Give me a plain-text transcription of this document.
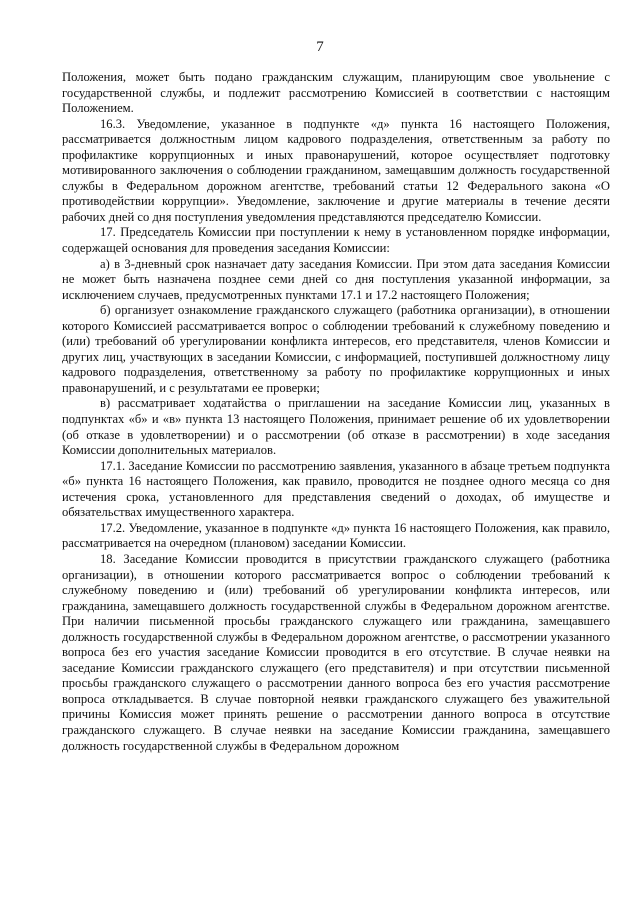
7

Положения, может быть подано гражданским служащим, планирующим свое увольнение с государственной службы, и подлежит рассмотрению Комиссией в соответствии с настоящим Положением.

16.3. Уведомление, указанное в подпункте «д» пункта 16 настоящего Положения, рассматривается должностным лицом кадрового подразделения, ответственным за работу по профилактике коррупционных и иных правонарушений, которое осуществляет подготовку мотивированного заключения о соблюдении гражданином, замещавшим должность государственной службы в Федеральном дорожном агентстве, требований статьи 12 Федерального закона «О противодействии коррупции». Уведомление, заключение и другие материалы в течение десяти рабочих дней со дня поступления уведомления представляются председателю Комиссии.

17. Председатель Комиссии при поступлении к нему в установленном порядке информации, содержащей основания для проведения заседания Комиссии:

а) в 3-дневный срок назначает дату заседания Комиссии. При этом дата заседания Комиссии не может быть назначена позднее семи дней со дня поступления указанной информации, за исключением случаев, предусмотренных пунктами 17.1 и 17.2 настоящего Положения;

б) организует ознакомление гражданского служащего (работника организации), в отношении которого Комиссией рассматривается вопрос о соблюдении требований к служебному поведению и (или) требований об урегулировании конфликта интересов, его представителя, членов Комиссии и других лиц, участвующих в заседании Комиссии, с информацией, поступившей должностному лицу кадрового подразделения, ответственному за работу по профилактике коррупционных и иных правонарушений, и с результатами ее проверки;

в) рассматривает ходатайства о приглашении на заседание Комиссии лиц, указанных в подпунктах «б» и «в» пункта 13 настоящего Положения, принимает решение об их удовлетворении (об отказе в удовлетворении) и о рассмотрении (об отказе в рассмотрении) в ходе заседания Комиссии дополнительных материалов.

17.1. Заседание Комиссии по рассмотрению заявления, указанного в абзаце третьем подпункта «б» пункта 16 настоящего Положения, как правило, проводится не позднее одного месяца со дня истечения срока, установленного для представления сведений о доходах, об имуществе и обязательствах имущественного характера.

17.2. Уведомление, указанное в подпункте «д» пункта 16 настоящего Положения, как правило, рассматривается на очередном (плановом) заседании Комиссии.

18. Заседание Комиссии проводится в присутствии гражданского служащего (работника организации), в отношении которого рассматривается вопрос о соблюдении требований к служебному поведению и (или) требований об урегулировании конфликта интересов, или гражданина, замещавшего должность государственной службы в Федеральном дорожном агентстве. При наличии письменной просьбы гражданского служащего или гражданина, замещавшего должность государственной службы в Федеральном дорожном агентстве, о рассмотрении указанного вопроса без его участия заседание Комиссии проводится в его отсутствие. В случае неявки на заседание Комиссии гражданского служащего (его представителя) и при отсутствии письменной просьбы гражданского служащего о рассмотрении данного вопроса без его участия рассмотрение вопроса откладывается. В случае повторной неявки гражданского служащего без уважительной причины Комиссия может принять решение о рассмотрении данного вопроса в отсутствие гражданского служащего. В случае неявки на заседание Комиссии гражданина, замещавшего должность государственной службы в Федеральном дорожном
